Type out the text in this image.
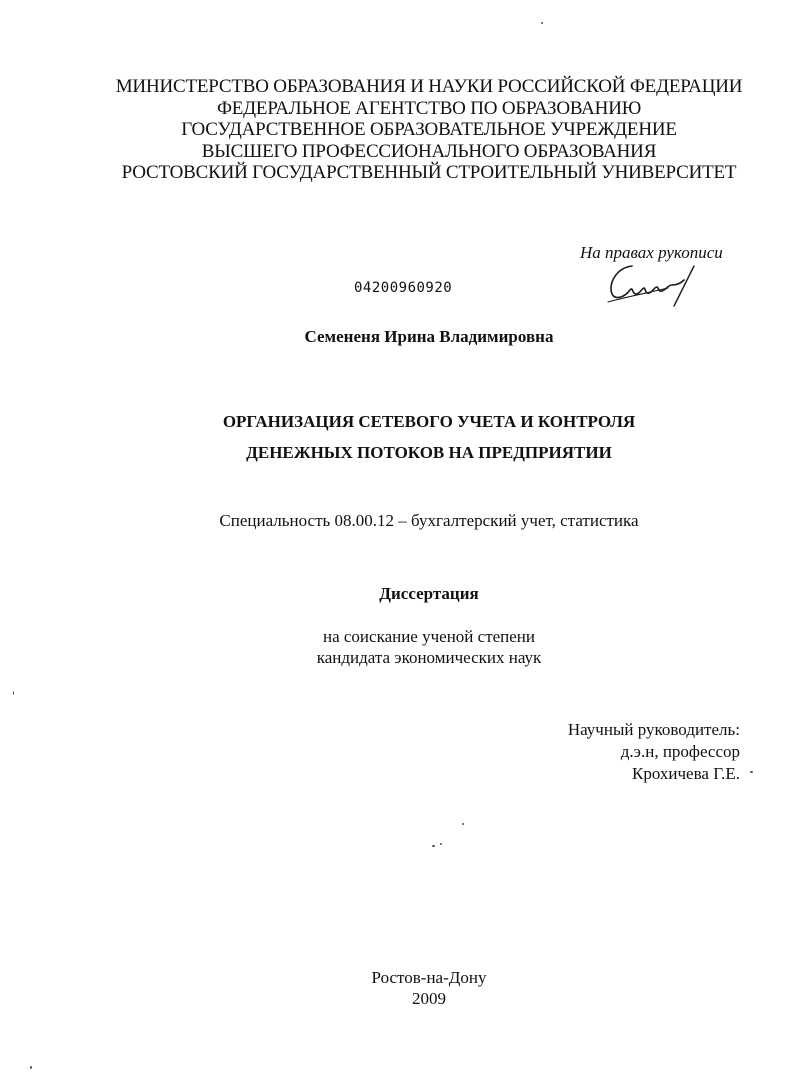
МИНИСТЕРСТВО ОБРАЗОВАНИЯ И НАУКИ РОССИЙСКОЙ ФЕДЕРАЦИИ
ФЕДЕРАЛЬНОЕ АГЕНТСТВО ПО ОБРАЗОВАНИЮ
ГОСУДАРСТВЕННОЕ ОБРАЗОВАТЕЛЬНОЕ УЧРЕЖДЕНИЕ
ВЫСШЕГО ПРОФЕССИОНАЛЬНОГО ОБРАЗОВАНИЯ
РОСТОВСКИЙ ГОСУДАРСТВЕННЫЙ СТРОИТЕЛЬНЫЙ УНИВЕРСИТЕТ
На правах рукописи
04200960920
Семененя Ирина Владимировна
ОРГАНИЗАЦИЯ СЕТЕВОГО УЧЕТА И КОНТРОЛЯ
ДЕНЕЖНЫХ ПОТОКОВ НА ПРЕДПРИЯТИИ
Специальность 08.00.12 – бухгалтерский учет, статистика
Диссертация
на соискание ученой степени
кандидата экономических наук
Научный руководитель:
д.э.н, профессор
Крохичева Г.Е.
Ростов-на-Дону
2009
